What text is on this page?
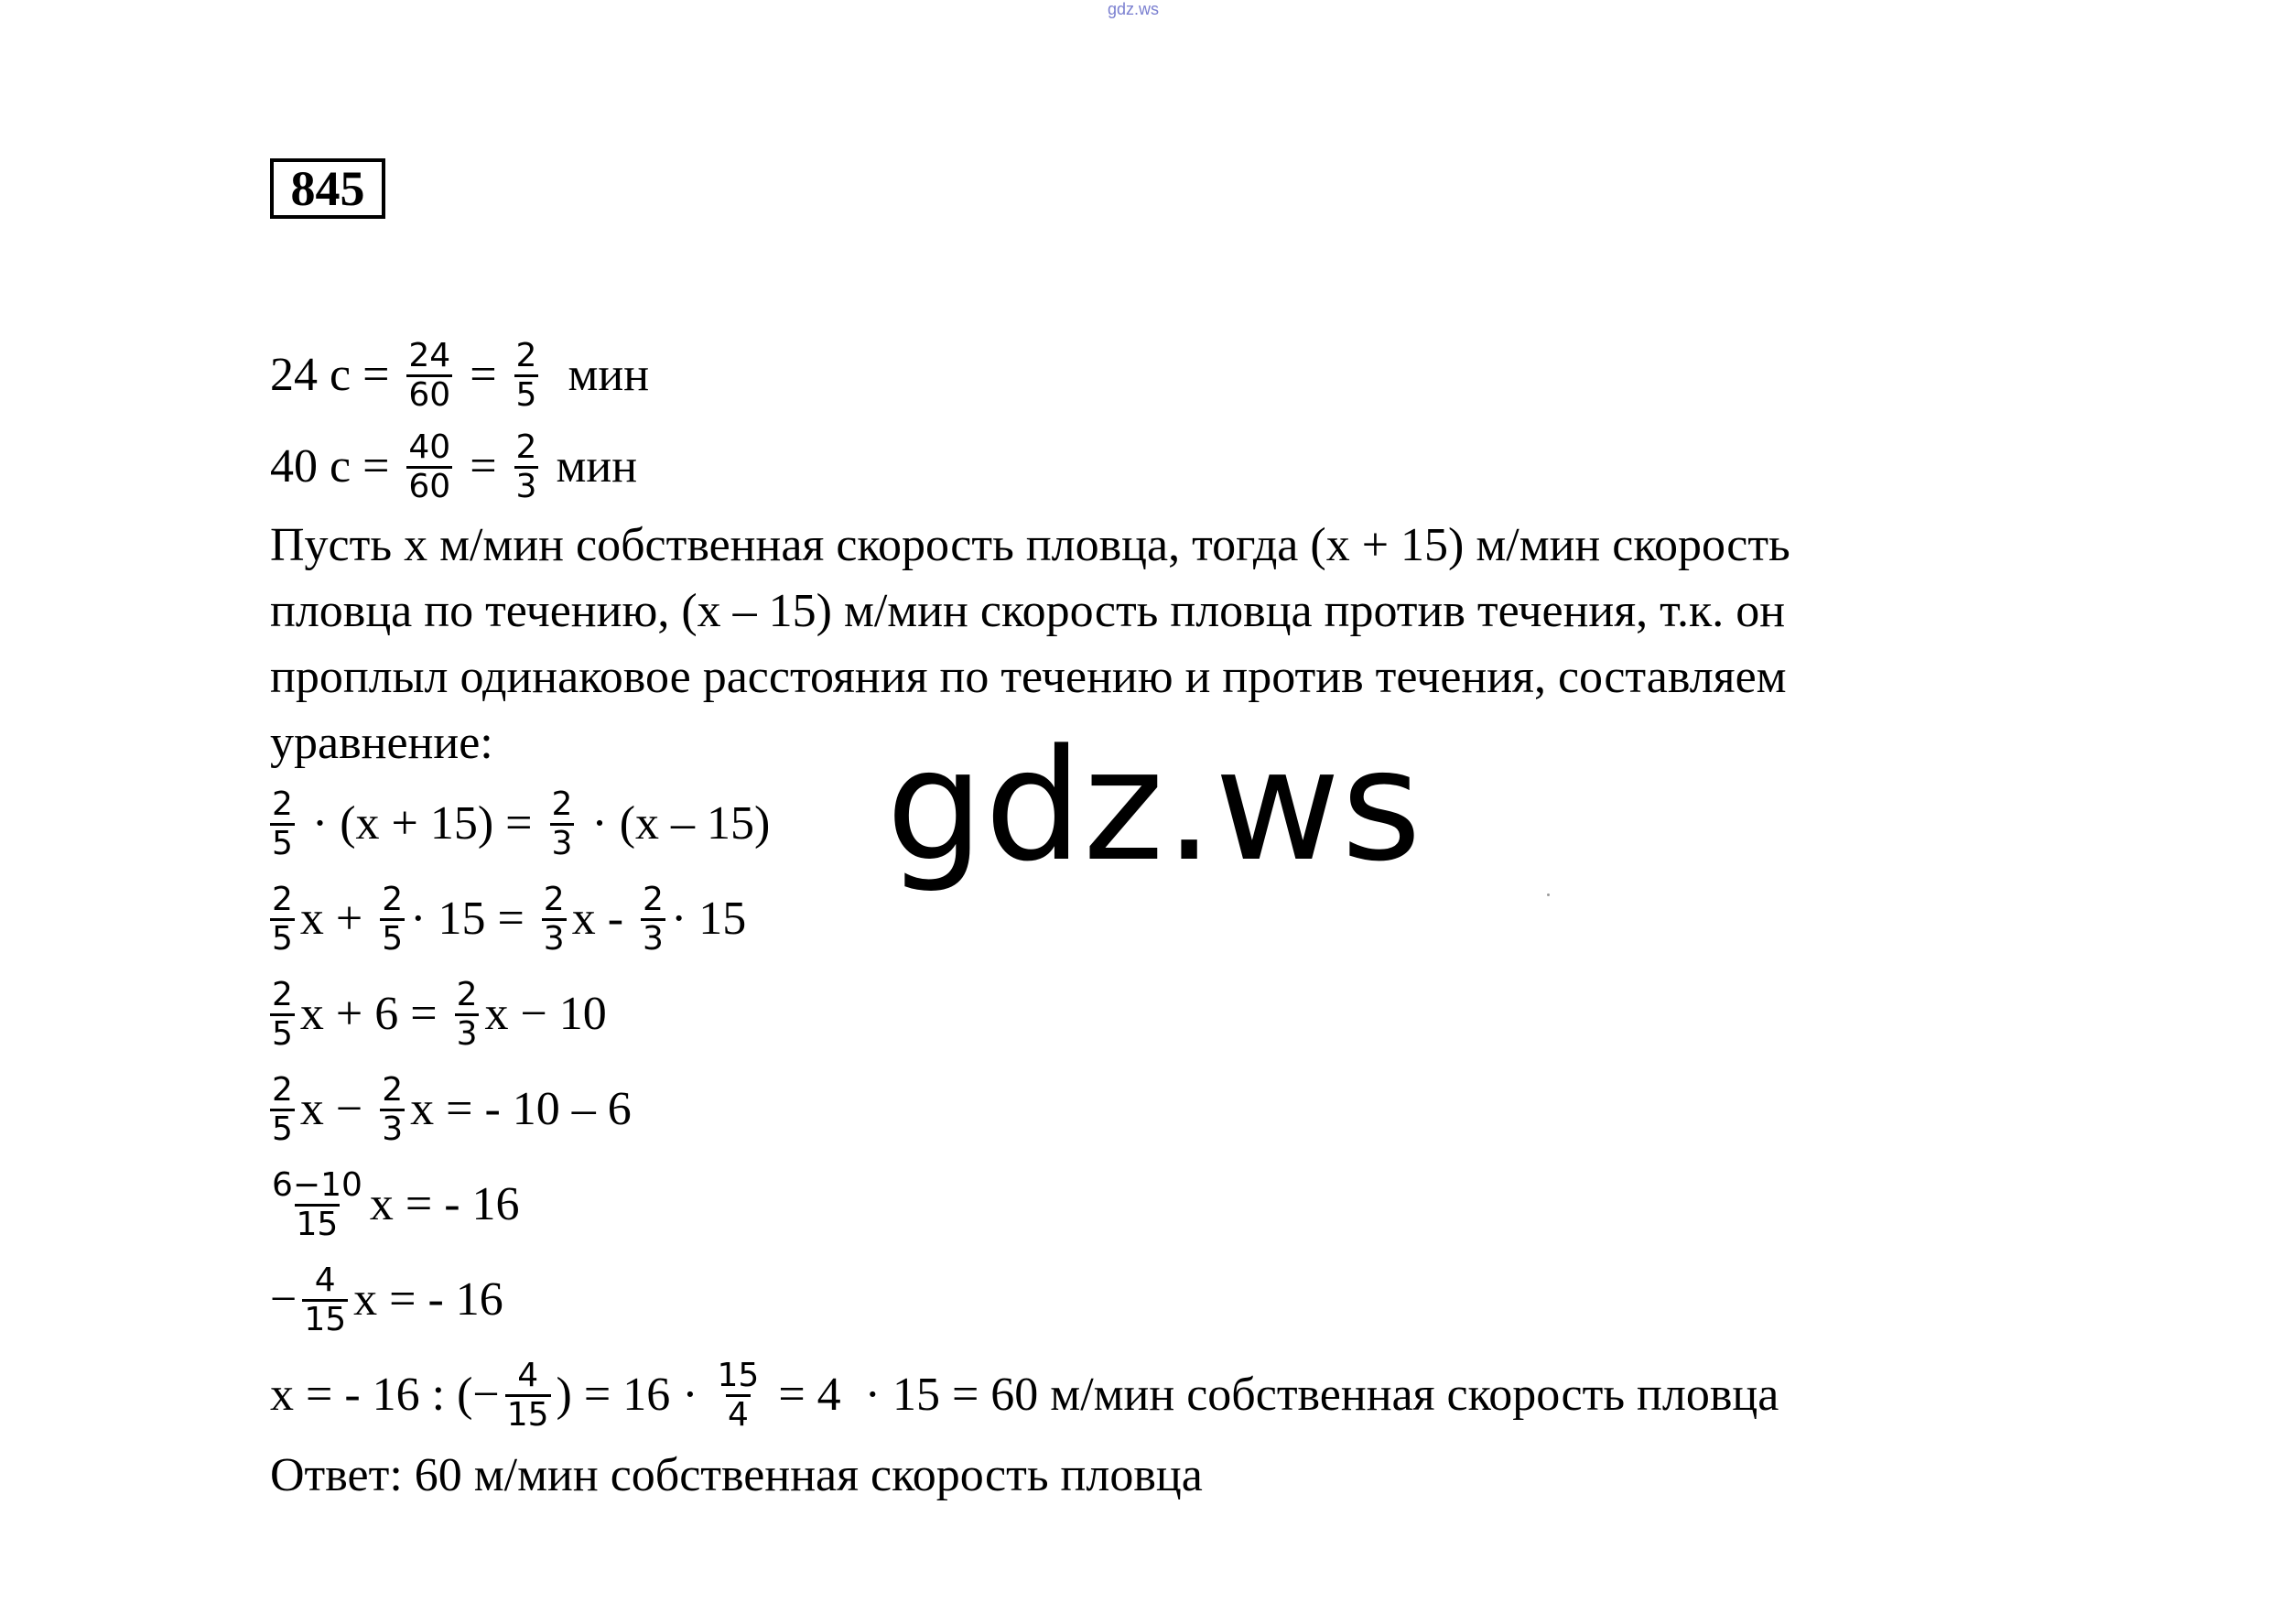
gdz.ws
845
24 $с = \frac{24}{60} = \frac{2}{5}$ мин
40 $с = \frac{40}{60} = \frac{2}{3}$ мин
Пусть х м/мин собственная скорость пловца, тогда (х + 15) м/мин скорость
пловца по течению, (х – 15) м/мин скорость пловца против течения, т.к. он
проплыл одинаковое расстояния по течению и против течения, составляем
уравнение:
$\frac{2}{5} \cdot (х + 15) = \frac{2}{3} \cdot (х - 15)$
$\frac{2}{5}$ $х + \frac{2}{5} \cdot 15 = \frac{2}{3}$ $х - \frac{2}{3} \cdot 15$
$\frac{2}{5}$ $х + 6 = \frac{2}{3}$ х − 10
$\frac{2}{5}$ $х - \frac{2}{3}$ х = - 10 – 6
$\frac{6-10}{15}$ х = - 16
− $\frac{4}{15}$ х = - 16
х = - 16 : (− $\frac{4}{15}$ ) = $16 \cdot \frac{15}{4} = 4 \cdot 15 = 60$ м/мин собственная скорость пловца
Ответ: 60 м/мин собственная скорость пловца
gdz.ws
